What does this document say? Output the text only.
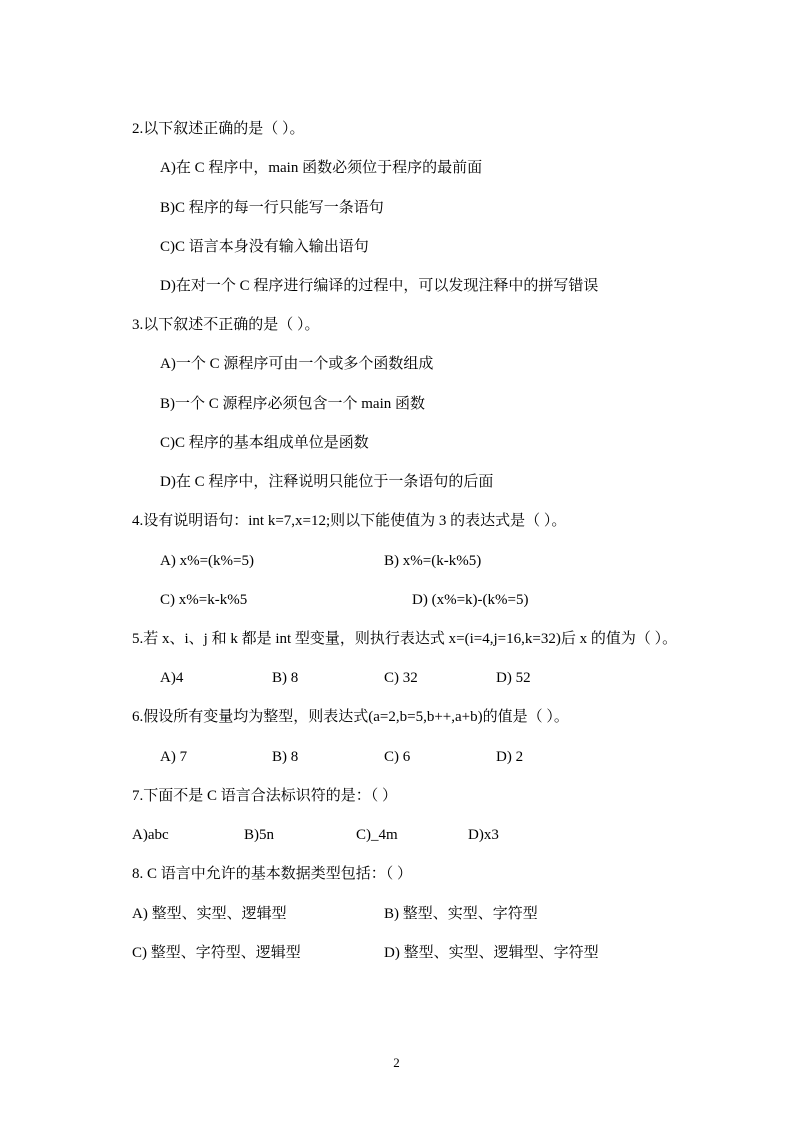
2.以下叙述正确的是（ ）。
A)在 C 程序中，main 函数必须位于程序的最前面
B)C 程序的每一行只能写一条语句
C)C 语言本身没有输入输出语句
D)在对一个 C 程序进行编译的过程中，可以发现注释中的拼写错误
3.以下叙述不正确的是（ ）。
A)一个 C 源程序可由一个或多个函数组成
B)一个 C 源程序必须包含一个 main 函数
C)C 程序的基本组成单位是函数
D)在 C 程序中，注释说明只能位于一条语句的后面
4.设有说明语句：int k=7,x=12;则以下能使值为 3 的表达式是（ ）。
A) x%=(k%=5)	B) x%=(k-k%5)
C) x%=k-k%5	D) (x%=k)-(k%=5)
5.若 x、i、j 和 k 都是 int 型变量，则执行表达式 x=(i=4,j=16,k=32)后 x 的值为（ ）。
A)4	B) 8	C) 32	D) 52
6.假设所有变量均为整型，则表达式(a=2,b=5,b++,a+b)的值是（ ）。
A) 7	B) 8	C) 6	D) 2
7.下面不是 C 语言合法标识符的是：（ ）
A)abc	B)5n	C)_4m	D)x3
8. C 语言中允许的基本数据类型包括：（ ）
A) 整型、实型、逻辑型	B) 整型、实型、字符型
C) 整型、字符型、逻辑型	D) 整型、实型、逻辑型、字符型
2
